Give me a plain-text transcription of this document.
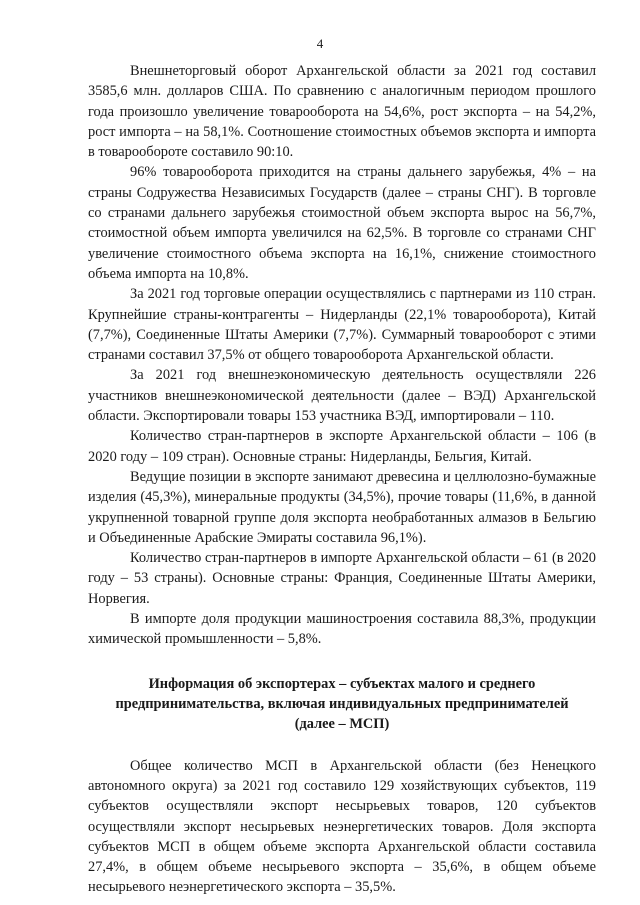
4

Внешнеторговый оборот Архангельской области за 2021 год составил 3585,6 млн. долларов США. По сравнению с аналогичным периодом прошлого года произошло увеличение товарооборота на 54,6%, рост экспорта – на 54,2%, рост импорта – на 58,1%. Соотношение стоимостных объемов экспорта и импорта в товарообороте составило 90:10.

96% товарооборота приходится на страны дальнего зарубежья, 4% – на страны Содружества Независимых Государств (далее – страны СНГ). В торговле со странами дальнего зарубежья стоимостной объем экспорта вырос на 56,7%, стоимостной объем импорта увеличился на 62,5%. В торговле со странами СНГ увеличение стоимостного объема экспорта на 16,1%, снижение стоимостного объема импорта на 10,8%.

За 2021 год торговые операции осуществлялись с партнерами из 110 стран. Крупнейшие страны-контрагенты – Нидерланды (22,1% товарооборота), Китай (7,7%), Соединенные Штаты Америки (7,7%). Суммарный товарооборот с этими странами составил 37,5% от общего товарооборота Архангельской области.

За 2021 год внешнеэкономическую деятельность осуществляли 226 участников внешнеэкономической деятельности (далее – ВЭД) Архангельской области. Экспортировали товары 153 участника ВЭД, импортировали – 110.

Количество стран-партнеров в экспорте Архангельской области – 106 (в 2020 году – 109 стран). Основные страны: Нидерланды, Бельгия, Китай.

Ведущие позиции в экспорте занимают древесина и целлюлозно-бумажные изделия (45,3%), минеральные продукты (34,5%), прочие товары (11,6%, в данной укрупненной товарной группе доля экспорта необработанных алмазов в Бельгию и Объединенные Арабские Эмираты составила 96,1%).

Количество стран-партнеров в импорте Архангельской области – 61 (в 2020 году – 53 страны). Основные страны: Франция, Соединенные Штаты Америки, Норвегия.

В импорте доля продукции машиностроения составила 88,3%, продукции химической промышленности – 5,8%.

Информация об экспортерах – субъектах малого и среднего
предпринимательства, включая индивидуальных предпринимателей
(далее – МСП)

Общее количество МСП в Архангельской области (без Ненецкого автономного округа) за 2021 год составило 129 хозяйствующих субъектов, 119 субъектов осуществляли экспорт несырьевых товаров, 120 субъектов осуществляли экспорт несырьевых неэнергетических товаров. Доля экспорта субъектов МСП в общем объеме экспорта Архангельской области составила 27,4%, в общем объеме несырьевого экспорта – 35,6%, в общем объеме несырьевого неэнергетического экспорта – 35,5%.
